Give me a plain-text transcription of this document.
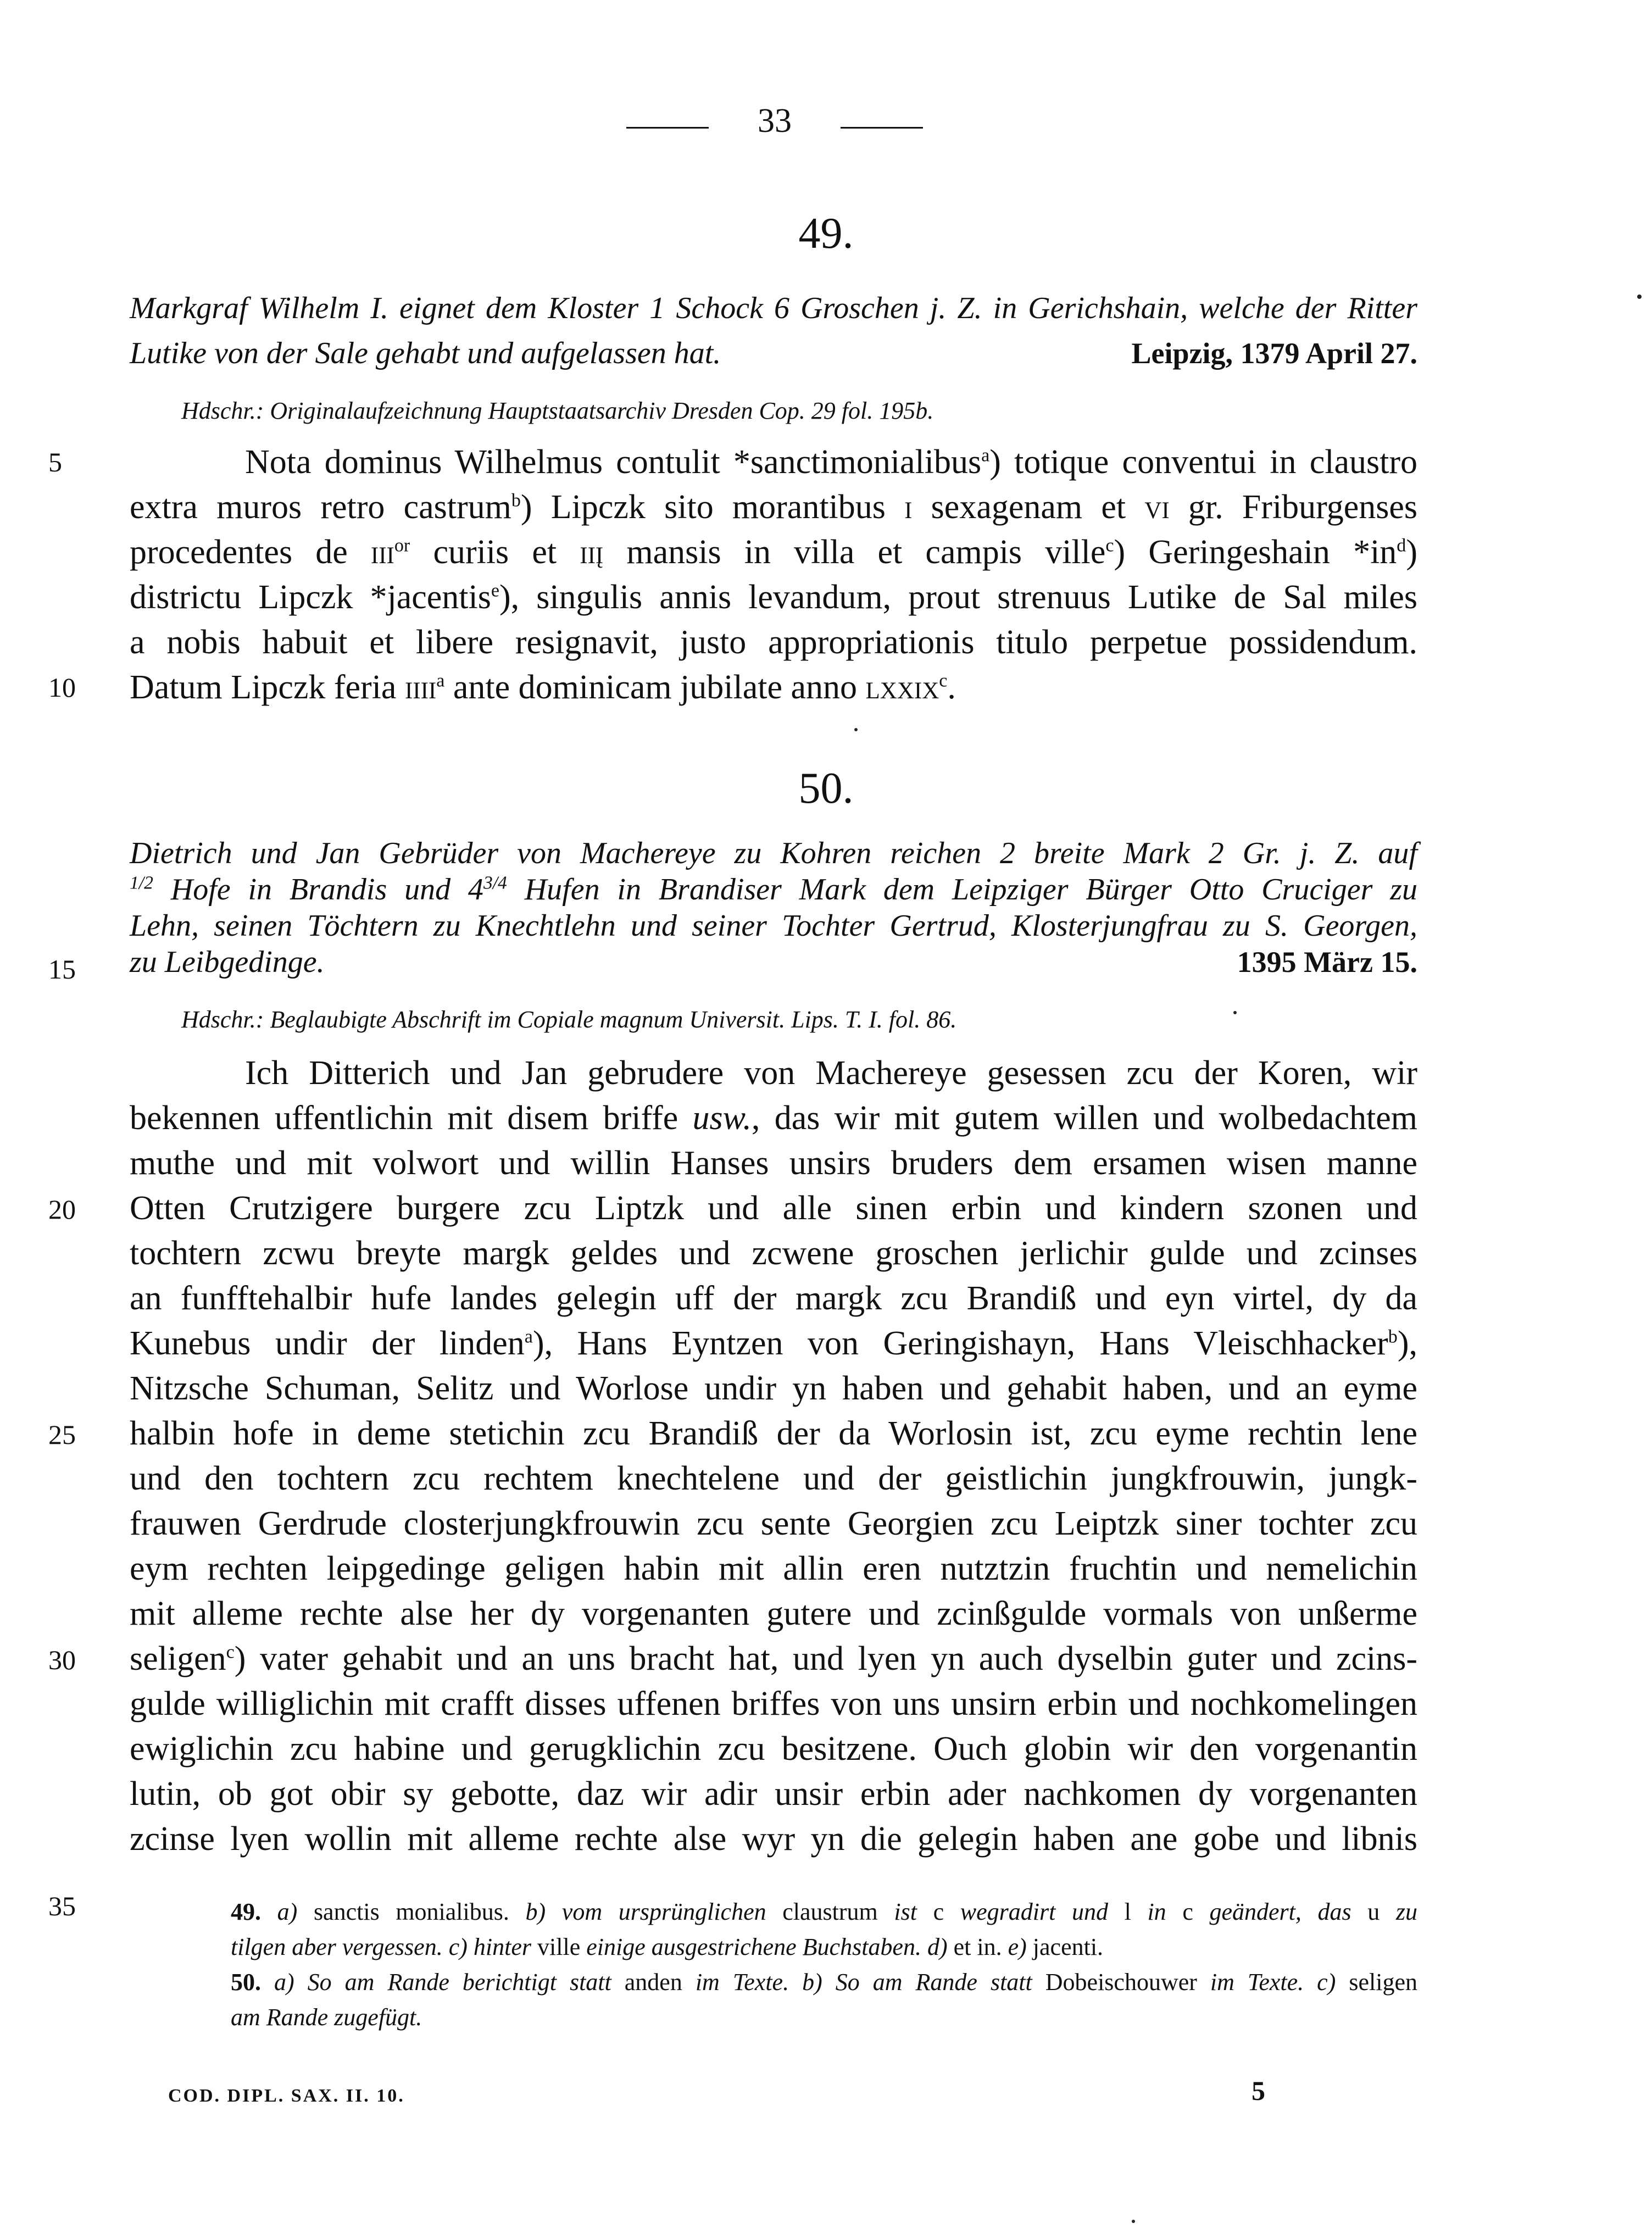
33
49.
Markgraf Wilhelm I. eignet dem Kloster 1 Schock 6 Groschen j. Z. in Gerichshain, welche der Ritter
Lutike von der Sale gehabt und aufgelassen hat.	Leipzig, 1379 April 27.
Hdschr.: Originalaufzeichnung Hauptstaatsarchiv Dresden Cop. 29 fol. 195b.
Nota dominus Wilhelmus contulit *sanctimonialibus$^a$) totique conventui in claustro
extra muros retro castrum$^b$) Lipczk sito morantibus i sexagenam et vi gr. Friburgenses
procedentes de iii$^{or}$ curiis et iiį mansis in villa et campis ville$^c$) Geringeshain $*in^d$)
districtu Lipczk *jacentis$^e$), singulis annis levandum, prout strenuus Lutike de Sal miles
a nobis habuit et libere resignavit, justo appropriationis titulo perpetue possidendum.
Datum Lipczk feria iiii$^a$ ante dominicam jubilate anno lxxix$^c$.
50.
Dietrich und Jan Gebrüder von Machereye zu Kohren reichen 2 breite Mark 2 Gr. j. Z. auf
$^{1/2}$ Hofe in Brandis und $4^{3/4}$ Hufen in Brandiser Mark dem Leipziger Bürger Otto Cruciger zu
Lehn, seinen Töchtern zu Knechtlehn und seiner Tochter Gertrud, Klosterjungfrau zu S. Georgen,
zu Leibgedinge.	1395 März 15.
Hdschr.: Beglaubigte Abschrift im Copiale magnum Universit. Lips. T. I. fol. 86.
Ich Ditterich und Jan gebrudere von Machereye gesessen zcu der Koren, wir
bekennen uffentlichin mit disem briffe usw., das wir mit gutem willen und wolbedachtem
muthe und mit volwort und willin Hanses unsirs bruders dem ersamen wisen manne
Otten Crutzigere burgere zcu Liptzk und alle sinen erbin und kindern szonen und
tochtern zcwu breyte margk geldes und zcwene groschen jerlichir gulde und zcinses
an funfftehalbir hufe landes gelegin uff der margk zcu Brandiß und eyn virtel, dy da
Kunebus undir der linden$^a$), Hans Eyntzen von Geringishayn, Hans Vleischhacker$^b$),
Nitzsche Schuman, Selitz und Worlose undir yn haben und gehabit haben, und an eyme
halbin hofe in deme stetichin zcu Brandiß der da Worlosin ist, zcu eyme rechtin lene
und den tochtern zcu rechtem knechtelene und der geistlichin jungkfrouwin, jungk-
frauwen Gerdrude closterjungkfrouwin zcu sente Georgien zcu Leiptzk siner tochter zcu
eym rechten leipgedinge geligen habin mit allin eren nutztzin fruchtin und nemelichin
mit alleme rechte alse her dy vorgenanten gutere und zcinßgulde vormals von unßerme
seligen$^c$) vater gehabit und an uns bracht hat, und lyen yn auch dyselbin guter und zcins-
gulde williglichin mit crafft disses uffenen briffes von uns unsirn erbin und nochkomelingen
ewiglichin zcu habine und gerugklichin zcu besitzene. Ouch globin wir den vorgenantin
lutin, ob got obir sy gebotte, daz wir adir unsir erbin ader nachkomen dy vorgenanten
zcinse lyen wollin mit alleme rechte alse wyr yn die gelegin haben ane gobe und libnis
5
10
15
20
25
30
35	49. a) sanctis monialibus. b) vom ursprünglichen claustrum ist c wegradirt und l in c geändert, das u zu
tilgen aber vergessen. c) hinter ville einige ausgestrichene Buchstaben. d) et in. e) jacenti.
50. a) So am Rande berichtigt statt anden im Texte. b) So am Rande statt Dobeischouwer im Texte. c) seligen
am Rande zugefügt.
COD. DIPL. SAX. II. 10.	5
